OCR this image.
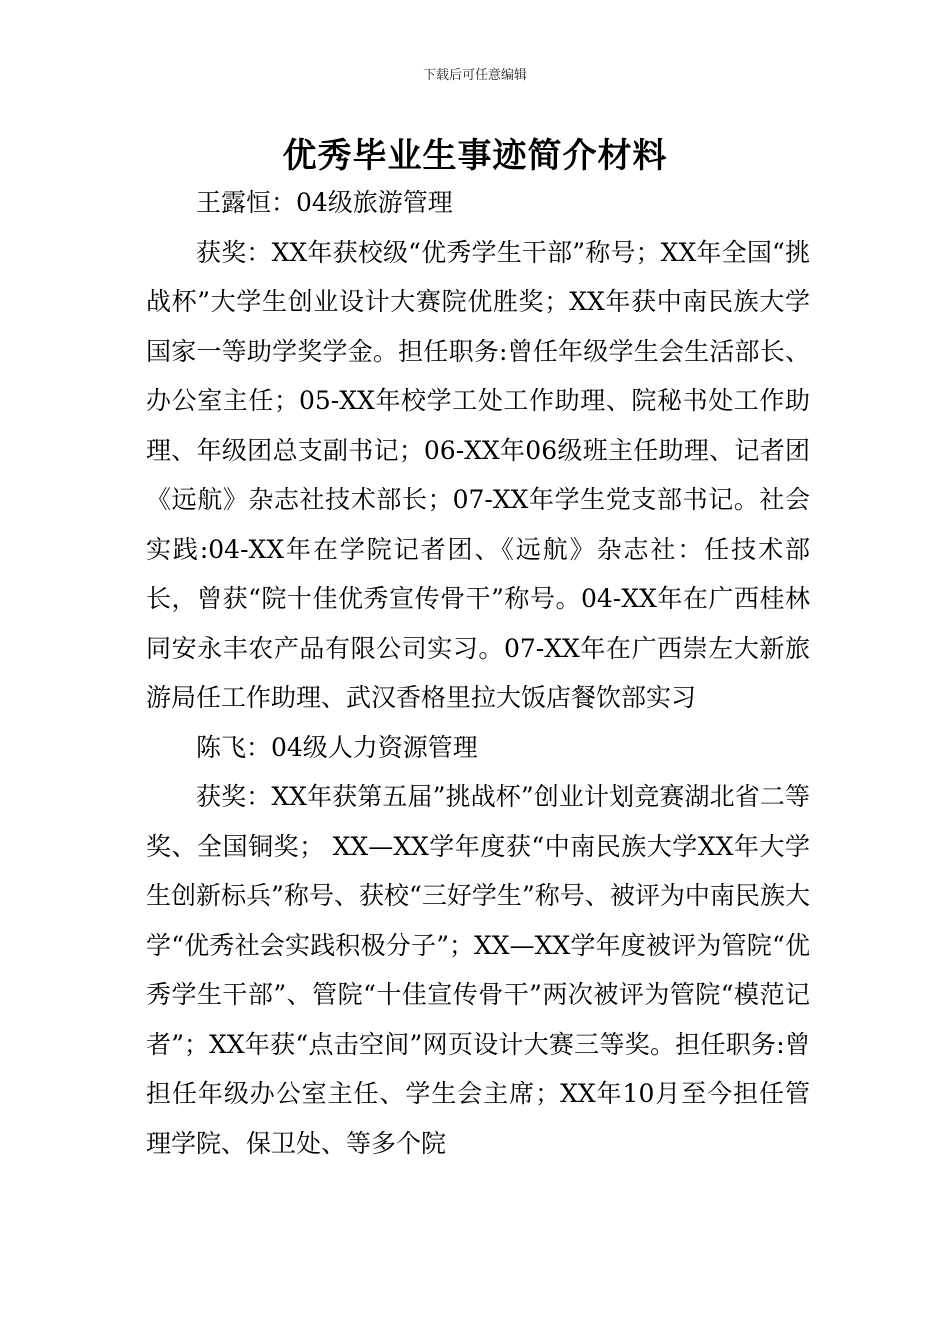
下载后可任意编辑
优秀毕业生事迹简介材料

王露恒：04级旅游管理

获奖：XX年获校级“优秀学生干部”称号；XX年全国“挑战杯”大学生创业设计大赛院优胜奖；XX年获中南民族大学国家一等助学奖学金。担任职务:曾任年级学生会生活部长、办公室主任；05-XX年校学工处工作助理、院秘书处工作助理、年级团总支副书记；06-XX年06级班主任助理、记者团《远航》杂志社技术部长；07-XX年学生党支部书记。社会实践:04-XX年在学院记者团、《远航》杂志社：任技术部长，曾获“院十佳优秀宣传骨干”称号。04-XX年在广西桂林同安永丰农产品有限公司实习。07-XX年在广西崇左大新旅游局任工作助理、武汉香格里拉大饭店餐饮部实习

陈飞：04级人力资源管理

获奖：XX年获第五届”挑战杯”创业计划竞赛湖北省二等奖、全国铜奖； XX—XX学年度获“中南民族大学XX年大学生创新标兵”称号、获校“三好学生”称号、被评为中南民族大学“优秀社会实践积极分子”；XX—XX学年度被评为管院“优秀学生干部”、管院“十佳宣传骨干”两次被评为管院“模范记者”；XX年获“点击空间”网页设计大赛三等奖。担任职务:曾担任年级办公室主任、学生会主席；XX年10月至今担任管理学院、保卫处、等多个院
